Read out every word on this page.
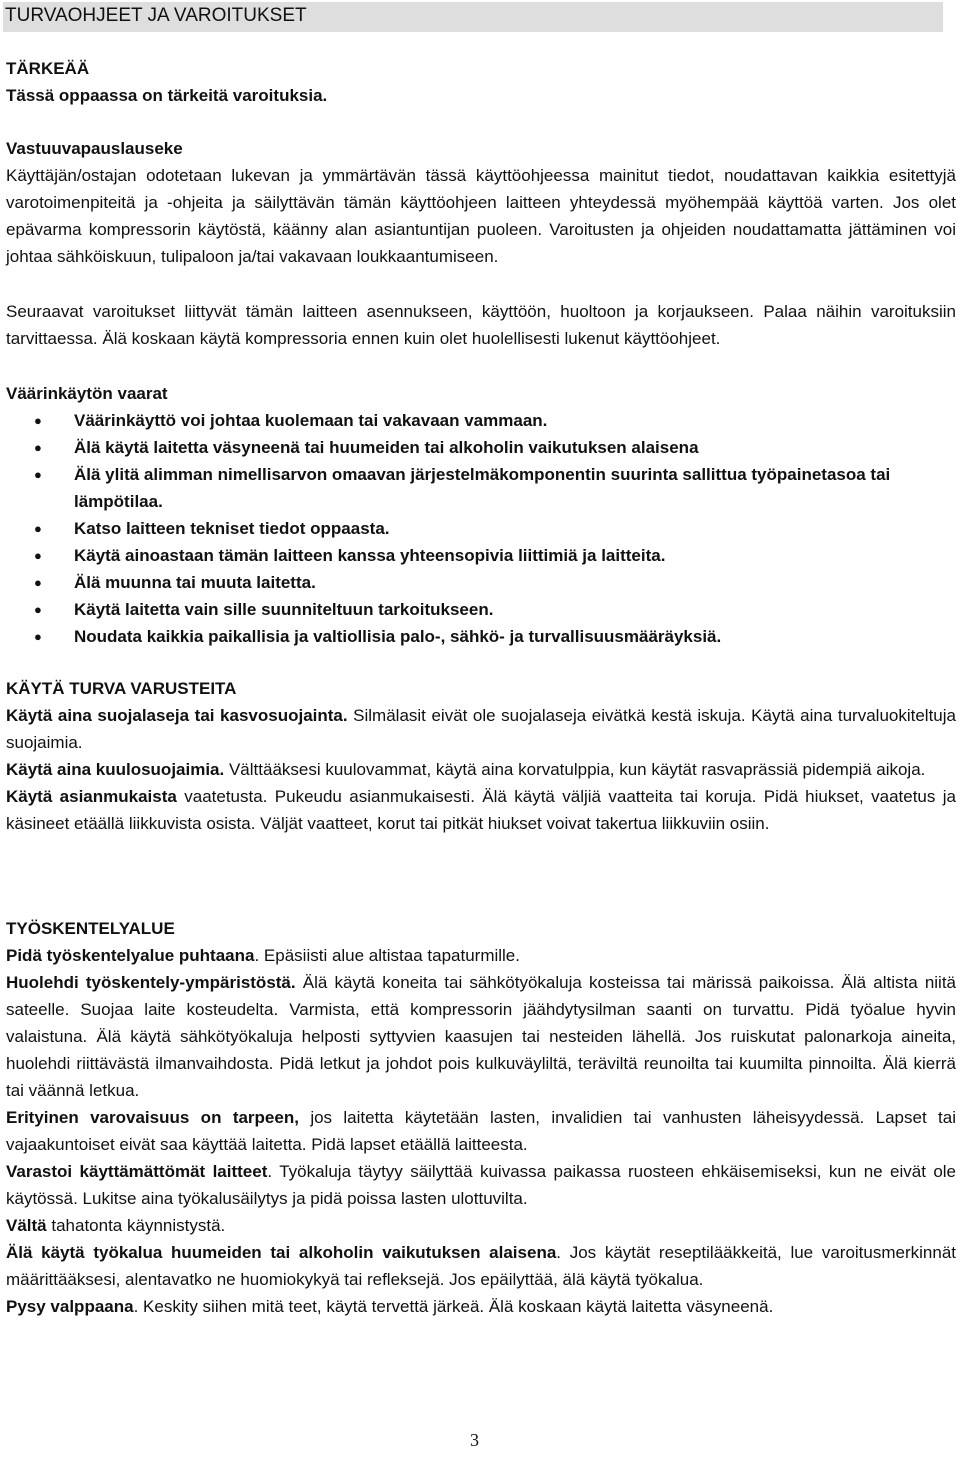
TURVAOHJEET JA VAROITUKSET

TÄRKEÄÄ

Tässä oppaassa on tärkeitä varoituksia.

Vastuuvapauslauseke

Käyttäjän/ostajan odotetaan lukevan ja ymmärtävän tässä käyttöohjeessa mainitut tiedot, noudattavan kaikkia esitettyjä varotoimenpiteitä ja -ohjeita ja säilyttävän tämän käyttöohjeen laitteen yhteydessä myöhempää käyttöä varten. Jos olet epävarma kompressorin käytöstä, käänny alan asiantuntijan puoleen. Varoitusten ja ohjeiden noudattamatta jättäminen voi johtaa sähköiskuun, tulipaloon ja/tai vakavaan loukkaantumiseen.

Seuraavat varoitukset liittyvät tämän laitteen asennukseen, käyttöön, huoltoon ja korjaukseen. Palaa näihin varoituksiin tarvittaessa. Älä koskaan käytä kompressoria ennen kuin olet huolellisesti lukenut käyttöohjeet.

Väärinkäytön vaarat

● Väärinkäyttö voi johtaa kuolemaan tai vakavaan vammaan.
● Älä käytä laitetta väsyneenä tai huumeiden tai alkoholin vaikutuksen alaisena
● Älä ylitä alimman nimellisarvon omaavan järjestelmäkomponentin suurinta sallittua työpainetasoa tai lämpötilaa.
● Katso laitteen tekniset tiedot oppaasta.
● Käytä ainoastaan tämän laitteen kanssa yhteensopivia liittimiä ja laitteita.
● Älä muunna tai muuta laitetta.
● Käytä laitetta vain sille suunniteltuun tarkoitukseen.
● Noudata kaikkia paikallisia ja valtiollisia palo-, sähkö- ja turvallisuusmääräyksiä.

KÄYTÄ TURVA VARUSTEITA

Käytä aina suojalaseja tai kasvosuojainta. Silmälasit eivät ole suojalaseja eivätkä kestä iskuja. Käytä aina turvaluokiteltuja suojaimia.

Käytä aina kuulosuojaimia. Välttääksesi kuulovammat, käytä aina korvatulppia, kun käytät rasvaprässiä pidempiä aikoja.

Käytä asianmukaista vaatetusta. Pukeudu asianmukaisesti. Älä käytä väljiä vaatteita tai koruja. Pidä hiukset, vaatetus ja käsineet etäällä liikkuvista osista. Väljät vaatteet, korut tai pitkät hiukset voivat takertua liikkuviin osiin.

TYÖSKENTELYALUE

Pidä työskentelyalue puhtaana. Epäsiisti alue altistaa tapaturmille.

Huolehdi työskentely-ympäristöstä. Älä käytä koneita tai sähkötyökaluja kosteissa tai märissä paikoissa. Älä altista niitä sateelle. Suojaa laite kosteudelta. Varmista, että kompressorin jäähdytysilman saanti on turvattu. Pidä työalue hyvin valaistuna. Älä käytä sähkötyökaluja helposti syttyvien kaasujen tai nesteiden lähellä. Jos ruiskutat palonarkoja aineita, huolehdi riittävästä ilmanvaihdosta. Pidä letkut ja johdot pois kulkuväyliltä, teräviltä reunoilta tai kuumilta pinnoilta. Älä kierrä tai väännä letkua.

Erityinen varovaisuus on tarpeen, jos laitetta käytetään lasten, invalidien tai vanhusten läheisyydessä. Lapset tai vajaakuntoiset eivät saa käyttää laitetta. Pidä lapset etäällä laitteesta.

Varastoi käyttämättömät laitteet. Työkaluja täytyy säilyttää kuivassa paikassa ruosteen ehkäisemiseksi, kun ne eivät ole käytössä. Lukitse aina työkalusäilytys ja pidä poissa lasten ulottuvilta.

Vältä tahatonta käynnistystä.

Älä käytä työkalua huumeiden tai alkoholin vaikutuksen alaisena. Jos käytät reseptilääkkeitä, lue varoitusmerkinnät määrittääksesi, alentavatko ne huomiokykyä tai refleksejä. Jos epäilyttää, älä käytä työkalua.

Pysy valppaana. Keskity siihen mitä teet, käytä tervettä järkeä. Älä koskaan käytä laitetta väsyneenä.

3
